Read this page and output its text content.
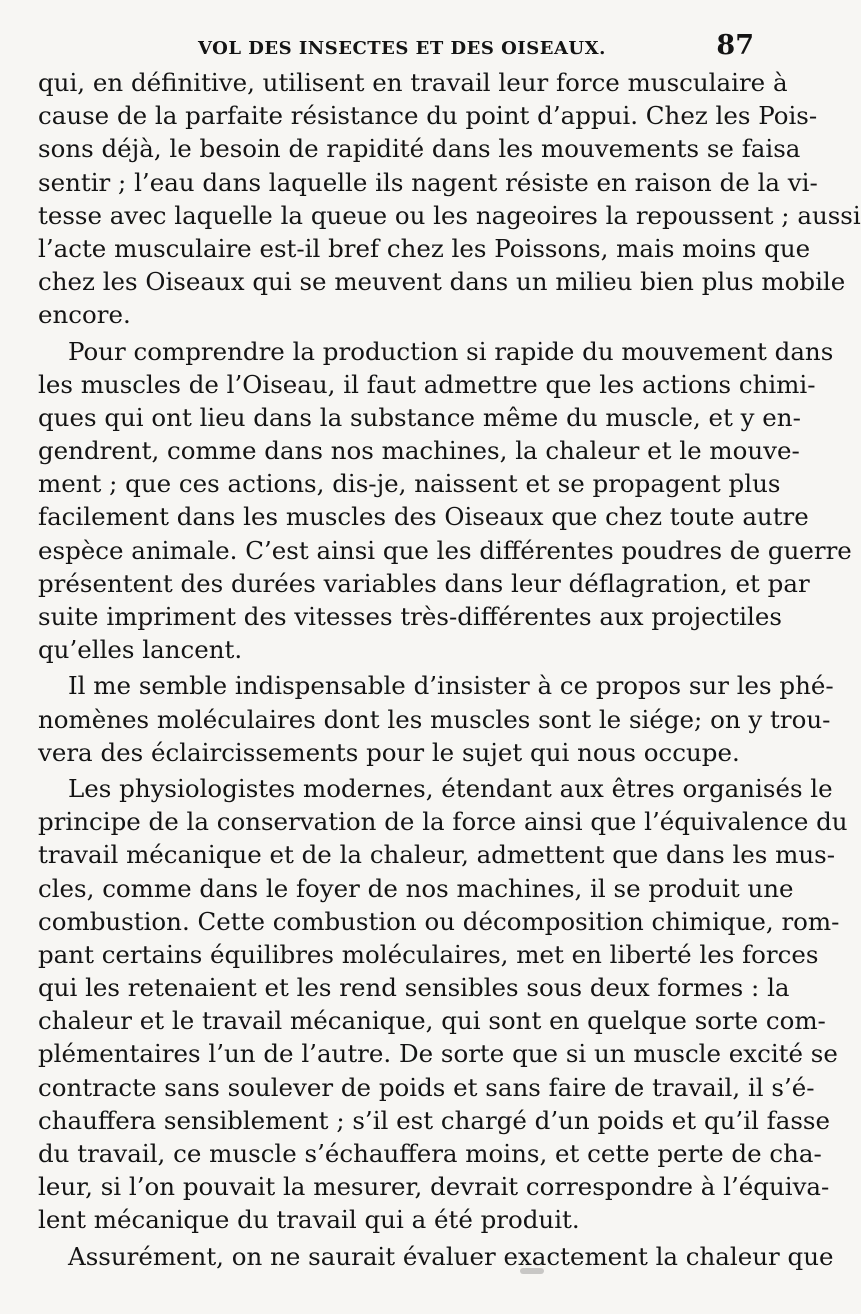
VOL DES INSECTES ET DES OISEAUX.	87
qui, en définitive, utilisent en travail leur force musculaire à
cause de la parfaite résistance du point d’appui. Chez les Pois-
sons déjà, le besoin de rapidité dans les mouvements se faisa
sentir ; l’eau dans laquelle ils nagent résiste en raison de la vi-
tesse avec laquelle la queue ou les nageoires la repoussent ; aussi
l’acte musculaire est-il bref chez les Poissons, mais moins que
chez les Oiseaux qui se meuvent dans un milieu bien plus mobile
encore.
Pour comprendre la production si rapide du mouvement dans
les muscles de l’Oiseau, il faut admettre que les actions chimi-
ques qui ont lieu dans la substance même du muscle, et y en-
gendrent, comme dans nos machines, la chaleur et le mouve-
ment ; que ces actions, dis-je, naissent et se propagent plus
facilement dans les muscles des Oiseaux que chez toute autre
espèce animale. C’est ainsi que les différentes poudres de guerre
présentent des durées variables dans leur déflagration, et par
suite impriment des vitesses très-différentes aux projectiles
qu’elles lancent.
Il me semble indispensable d’insister à ce propos sur les phé-
nomènes moléculaires dont les muscles sont le siége; on y trou-
vera des éclaircissements pour le sujet qui nous occupe.
Les physiologistes modernes, étendant aux êtres organisés le
principe de la conservation de la force ainsi que l’équivalence du
travail mécanique et de la chaleur, admettent que dans les mus-
cles, comme dans le foyer de nos machines, il se produit une
combustion. Cette combustion ou décomposition chimique, rom-
pant certains équilibres moléculaires, met en liberté les forces
qui les retenaient et les rend sensibles sous deux formes : la
chaleur et le travail mécanique, qui sont en quelque sorte com-
plémentaires l’un de l’autre. De sorte que si un muscle excité se
contracte sans soulever de poids et sans faire de travail, il s’é-
chauffera sensiblement ; s’il est chargé d’un poids et qu’il fasse
du travail, ce muscle s’échauffera moins, et cette perte de cha-
leur, si l’on pouvait la mesurer, devrait correspondre à l’équiva-
lent mécanique du travail qui a été produit.
Assurément, on ne saurait évaluer exactement la chaleur que
